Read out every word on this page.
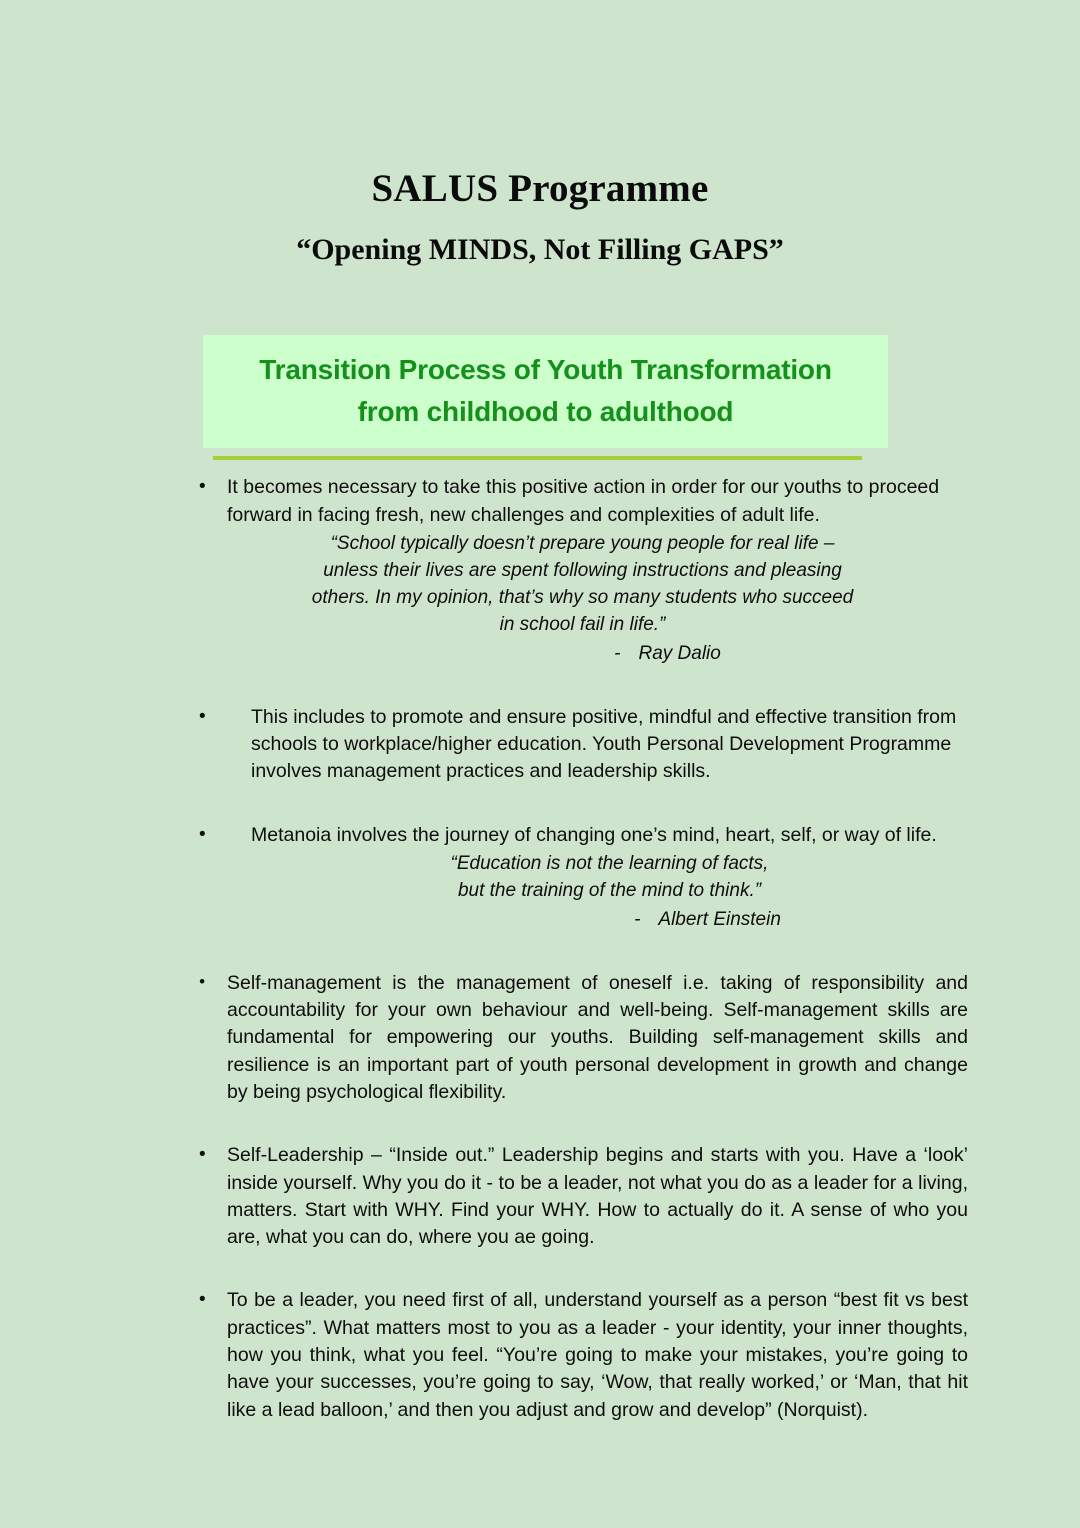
SALUS Programme
“Opening MINDS, Not Filling GAPS”
Transition Process of Youth Transformation
from childhood to adulthood
• It becomes necessary to take this positive action in order for our youths to proceed forward in facing fresh, new challenges and complexities of adult life.

“School typically doesn’t prepare young people for real life –

unless their lives are spent following instructions and pleasing

others. In my opinion, that’s why so many students who succeed

in school fail in life.”

- Ray Dalio

•	This includes to promote and ensure positive, mindful and effective transition from schools to workplace/higher education. Youth Personal Development Programme involves management practices and leadership skills.

•	Metanoia involves the journey of changing one’s mind, heart, self, or way of life.

“Education is not the learning of facts,

but the training of the mind to think.”

- Albert Einstein

• Self-management is the management of oneself i.e. taking of responsibility and accountability for your own behaviour and well-being. Self-management skills are fundamental for empowering our youths. Building self-management skills and resilience is an important part of youth personal development in growth and change by being psychological flexibility.

• Self-Leadership – “Inside out.” Leadership begins and starts with you. Have a ‘look’ inside yourself. Why you do it - to be a leader, not what you do as a leader for a living, matters. Start with WHY. Find your WHY. How to actually do it. A sense of who you are, what you can do, where you ae going.

• To be a leader, you need first of all, understand yourself as a person “best fit vs best practices”. What matters most to you as a leader - your identity, your inner thoughts, how you think, what you feel. “You’re going to make your mistakes, you’re going to have your successes, you’re going to say, ‘Wow, that really worked,’ or ‘Man, that hit like a lead balloon,’ and then you adjust and grow and develop” (Norquist).
